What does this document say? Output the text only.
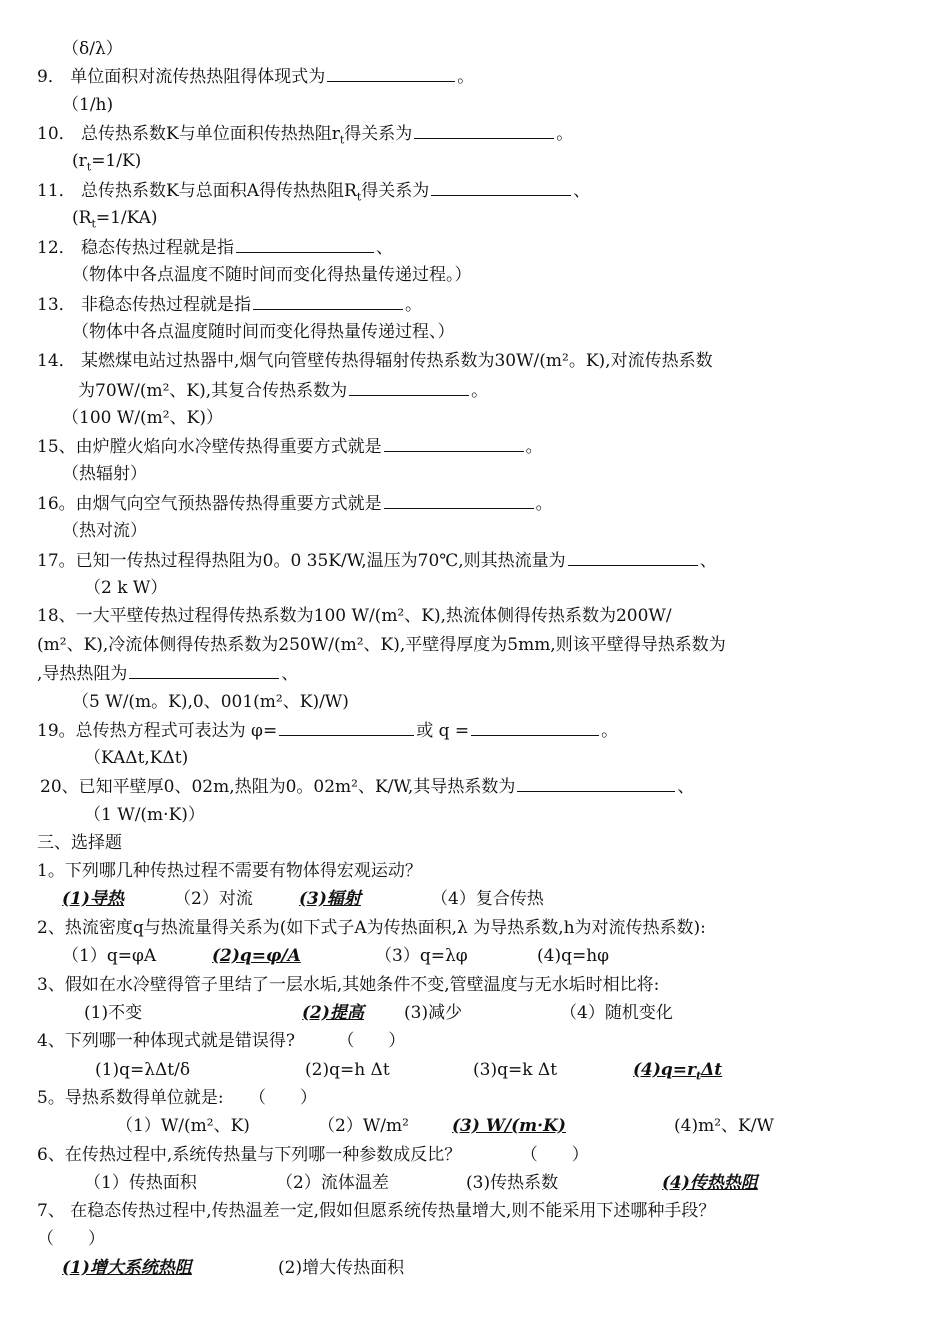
（δ/λ）
9． 单位面积对流传热热阻得体现式为	。
（1/h)
10． 总传热系数K与单位面积传热热阻$r_t$得关系为	。
$(r_t=1/K)$
11． 总传热系数K与总面积A得传热热阻$R_t$得关系为	、
$(R_t=1/KA)$
12． 稳态传热过程就是指	、
（物体中各点温度不随时间而变化得热量传递过程。）
13． 非稳态传热过程就是指	。
（物体中各点温度随时间而变化得热量传递过程、）
14． 某燃煤电站过热器中,烟气向管壁传热得辐射传热系数为30W/(m²。K),对流传热系数
为70W/(m²、K),其复合传热系数为	。
（100 W/(m²、K)）
15、由炉膛火焰向水冷壁传热得重要方式就是	。
（热辐射）
16。由烟气向空气预热器传热得重要方式就是	。
（热对流）
17。已知一传热过程得热阻为0。0 35K/W,温压为70℃,则其热流量为	、
（2 k W）
18、一大平壁传热过程得传热系数为100 W/(m²、K),热流体侧得传热系数为200W/
(m²、K),冷流体侧得传热系数为250W/(m²、K),平壁得厚度为5mm,则该平壁得导热系数为
,导热热阻为	、
（5 W/(m。K),0、001(m²、K)/W)
19。总传热方程式可表达为 φ=	或 q =	。
（KAΔt,KΔt)
20、已知平壁厚0、02m,热阻为0。02m²、K/W,其导热系数为	、
（1 W/(m·K)）
三、选择题
1。下列哪几种传热过程不需要有物体得宏观运动？
(1)导热	（2）对流	(3)辐射	（4）复合传热
2、热流密度q与热流量得关系为(如下式子A为传热面积,λ 为导热系数,h为对流传热系数):
（1）q=φA	(2)q=φ/A	（3）q=λφ	(4)q=hφ
3、假如在水冷壁得管子里结了一层水垢,其她条件不变,管壁温度与无水垢时相比将:
(1)不变	(2)提高 (3)减少	（4）随机变化
4、下列哪一种体现式就是错误得?　　　（　　）
(1)q=λΔt/δ	(2)q=h Δt	(3)q=k Δt	$(4)q=r_t\Delta t$
5。导热系数得单位就是:　　（　　）
（1）W/(m²、K)	（2）W/m²	(3) W/(m·K)	(4)m²、K/W
6、在传热过程中,系统传热量与下列哪一种参数成反比？　　　　（　　）
（1）传热面积	（2）流体温差	(3)传热系数	(4)传热热阻
7、 在稳态传热过程中,传热温差一定,假如但愿系统传热量增大,则不能采用下述哪种手段？
（　　）
(1)增大系统热阻	(2)增大传热面积
